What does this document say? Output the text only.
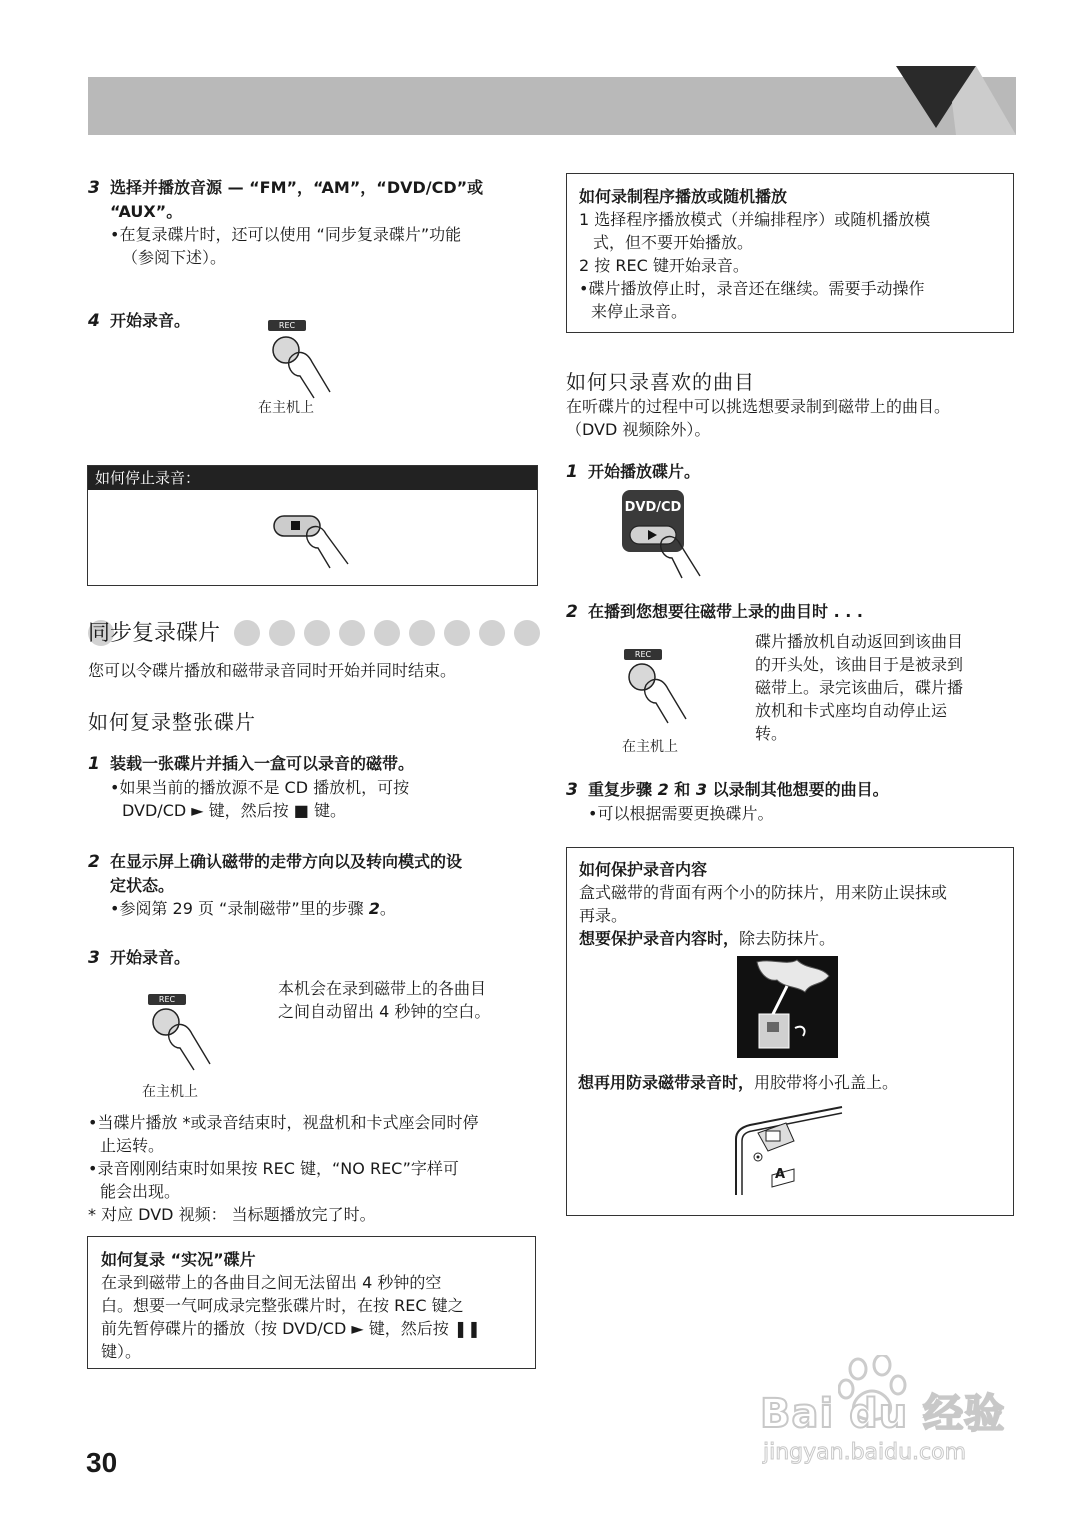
3 选择并播放音源 — “FM”，“AM”，“DVD/CD”或
“AUX”。
•在复录碟片时，还可以使用 “同步复录碟片”功能
（参阅下述）。
4 开始录音。	REC
在主机上
如何停止录音：
同步复录碟片
您可以令碟片播放和磁带录音同时开始并同时结束。
如何复录整张碟片
1 装载一张碟片并插入一盒可以录音的磁带。
•如果当前的播放源不是 CD 播放机，可按
DVD/CD ► 键，然后按 ■ 键。
2 在显示屏上确认磁带的走带方向以及转向模式的设
定状态。
•参阅第 29 页 “录制磁带”里的步骤 2。
3 开始录音。
本机会在录到磁带上的各曲目
之间自动留出 4 秒钟的空白。
REC
在主机上
•当碟片播放 *或录音结束时，视盘机和卡式座会同时停
止运转。
•录音刚刚结束时如果按 REC 键，“NO REC”字样可
能会出现。
* 对应 DVD 视频： 当标题播放完了时。
如何复录 “实况”碟片
在录到磁带上的各曲目之间无法留出 4 秒钟的空
白。想要一气呵成录完整张碟片时，在按 REC 键之
前先暂停碟片的播放（按 DVD/CD ► 键，然后按 ❚❚
键）。
如何录制程序播放或随机播放
1 选择程序播放模式（并编排程序）或随机播放模
式，但不要开始播放。
2 按 REC 键开始录音。
•碟片播放停止时，录音还在继续。需要手动操作
来停止录音。
如何只录喜欢的曲目
在听碟片的过程中可以挑选想要录制到磁带上的曲目。
（DVD 视频除外）。
1 开始播放碟片。
DVD/CD
2 在播到您想要往磁带上录的曲目时 . . .
REC
在主机上
碟片播放机自动返回到该曲目
的开头处，该曲目于是被录到
磁带上。录完该曲后，碟片播
放机和卡式座均自动停止运
转。
3 重复步骤 2 和 3 以录制其他想要的曲目。
•可以根据需要更换碟片。
如何保护录音内容
盒式磁带的背面有两个小的防抹片，用来防止误抹或
再录。
想要保护录音内容时，除去防抹片。
想再用防录磁带录音时，用胶带将小孔盖上。
A
30
Bai du 经验
jingyan.baidu.com
